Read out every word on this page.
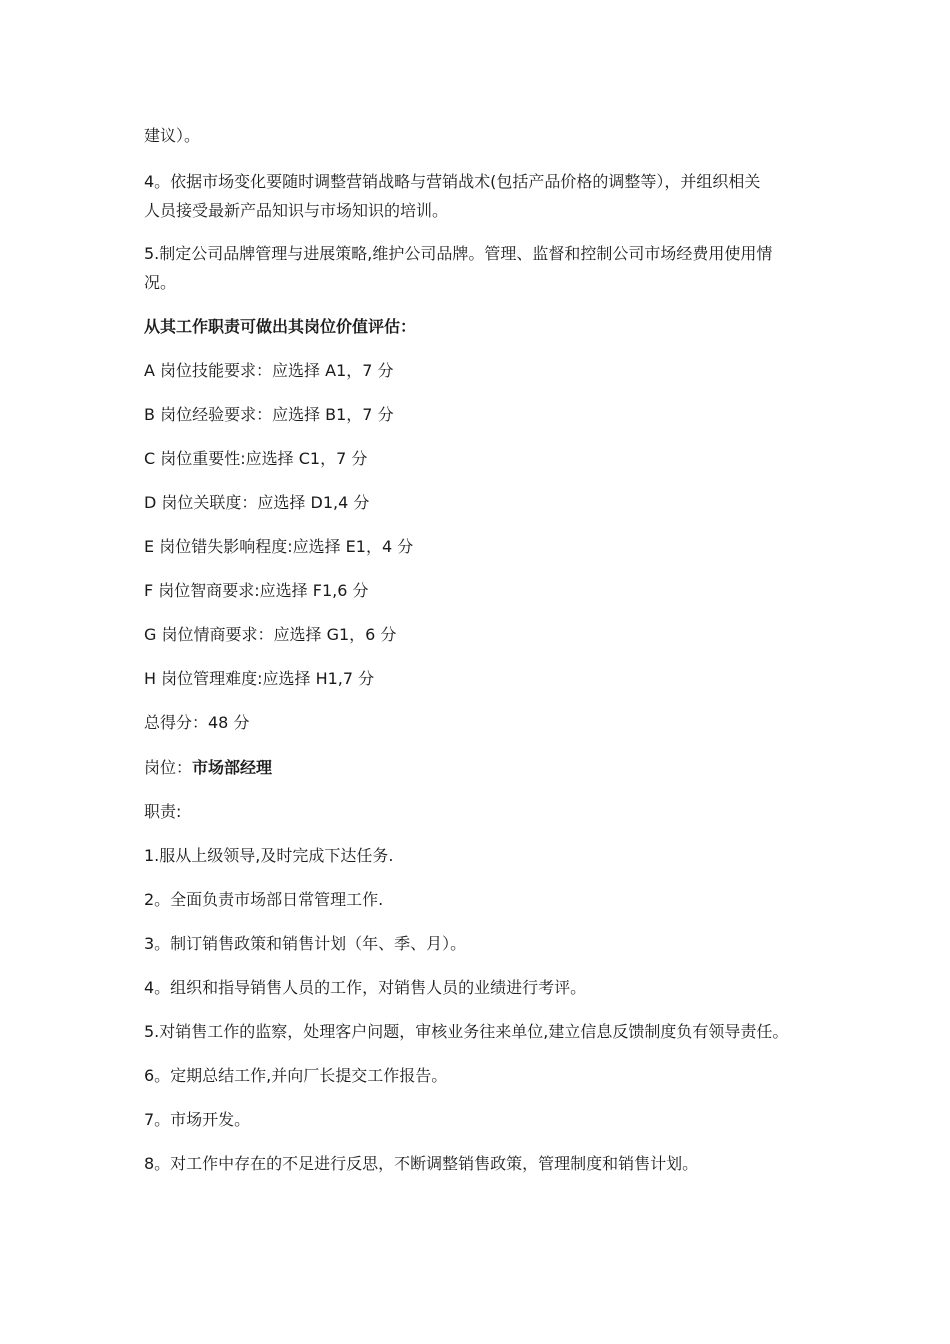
建议）。
4。依据市场变化要随时调整营销战略与营销战术(包括产品价格的调整等），并组织相关
人员接受最新产品知识与市场知识的培训。
5.制定公司品牌管理与进展策略,维护公司品牌。管理、监督和控制公司市场经费用使用情
况。
从其工作职责可做出其岗位价值评估：
A 岗位技能要求：应选择 A1，7 分
B 岗位经验要求：应选择 B1，7 分
C 岗位重要性:应选择 C1，7 分
D 岗位关联度：应选择 D1,4 分
E 岗位错失影响程度:应选择 E1，4 分
F 岗位智商要求:应选择 F1,6 分
G 岗位情商要求：应选择 G1，6 分
H 岗位管理难度:应选择 H1,7 分
总得分：48 分
岗位：市场部经理
职责:
1.服从上级领导,及时完成下达任务.
2。全面负责市场部日常管理工作.
3。制订销售政策和销售计划（年、季、月）。
4。组织和指导销售人员的工作，对销售人员的业绩进行考评。
5.对销售工作的监察，处理客户问题，审核业务往来单位,建立信息反馈制度负有领导责任。
6。定期总结工作,并向厂长提交工作报告。
7。市场开发。
8。对工作中存在的不足进行反思，不断调整销售政策，管理制度和销售计划。
